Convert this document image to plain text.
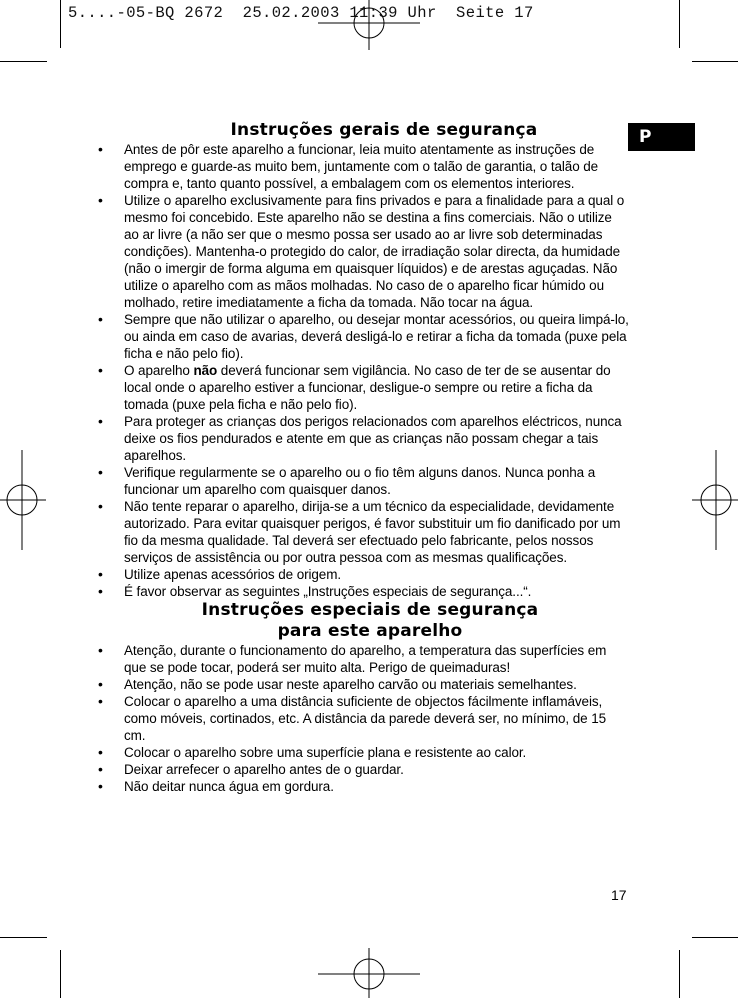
5....-05-BQ 2672  25.02.2003 11:39 Uhr  Seite 17
P
Instruções gerais de segurança
• Antes de pôr este aparelho a funcionar, leia muito atentamente as instruções de emprego e guarde-as muito bem, juntamente com o talão de garantia, o talão de compra e, tanto quanto possível, a embalagem com os elementos interiores.
• Utilize o aparelho exclusivamente para fins privados e para a finalidade para a qual o mesmo foi concebido. Este aparelho não se destina a fins comerciais. Não o utilize ao ar livre (a não ser que o mesmo possa ser usado ao ar livre sob determinadas condições). Mantenha-o protegido do calor, de irradiação solar directa, da humidade (não o imergir de forma alguma em quaisquer líquidos) e de arestas aguçadas. Não utilize o aparelho com as mãos molhadas. No caso de o aparelho ficar húmido ou molhado, retire imediatamente a ficha da tomada. Não tocar na água.
• Sempre que não utilizar o aparelho, ou desejar montar acessórios, ou queira limpá-lo, ou ainda em caso de avarias, deverá desligá-lo e retirar a ficha da tomada (puxe pela ficha e não pelo fio).
• O aparelho não deverá funcionar sem vigilância. No caso de ter de se ausentar do local onde o aparelho estiver a funcionar, desligue-o sempre ou retire a ficha da tomada (puxe pela ficha e não pelo fio).
• Para proteger as crianças dos perigos relacionados com aparelhos eléctricos, nunca deixe os fios pendurados e atente em que as crianças não possam chegar a tais aparelhos.
• Verifique regularmente se o aparelho ou o fio têm alguns danos. Nunca ponha a funcionar um aparelho com quaisquer danos.
• Não tente reparar o aparelho, dirija-se a um técnico da especialidade, devidamente autorizado. Para evitar quaisquer perigos, é favor substituir um fio danificado por um fio da mesma qualidade. Tal deverá ser efectuado pelo fabricante, pelos nossos serviços de assistência ou por outra pessoa com as mesmas qualificações.
• Utilize apenas acessórios de origem.
• É favor observar as seguintes „Instruções especiais de segurança...“.
Instruções especiais de segurança
para este aparelho
• Atenção, durante o funcionamento do aparelho, a temperatura das superfícies em que se pode tocar, poderá ser muito alta. Perigo de queimaduras!
• Atenção, não se pode usar neste aparelho carvão ou materiais semelhantes.
• Colocar o aparelho a uma distância suficiente de objectos fácilmente inflamáveis, como móveis, cortinados, etc. A distância da parede deverá ser, no mínimo, de 15 cm.
• Colocar o aparelho sobre uma superfície plana e resistente ao calor.
• Deixar arrefecer o aparelho antes de o guardar.
• Não deitar nunca água em gordura.
17
